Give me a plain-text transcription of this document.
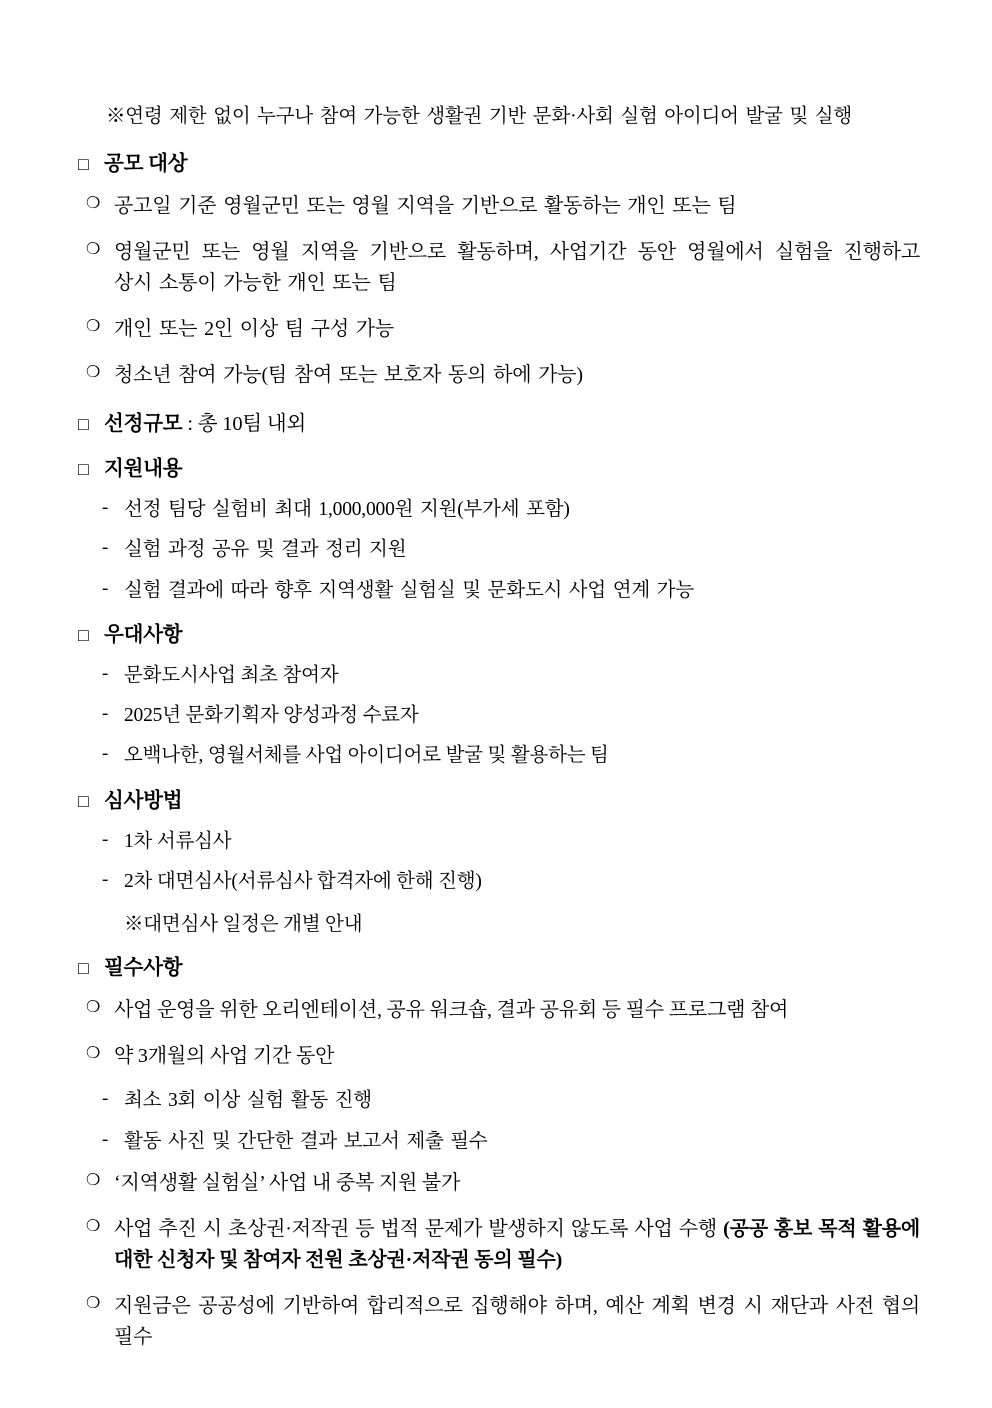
※연령 제한 없이 누구나 참여 가능한 생활권 기반 문화·사회 실험 아이디어 발굴 및 실행
□ 공모 대상
❍ 공고일 기준 영월군민 또는 영월 지역을 기반으로 활동하는 개인 또는 팀
❍ 영월군민 또는 영월 지역을 기반으로 활동하며, 사업기간 동안 영월에서 실험을 진행하고 상시 소통이 가능한 개인 또는 팀
❍ 개인 또는 2인 이상 팀 구성 가능
❍ 청소년 참여 가능(팀 참여 또는 보호자 동의 하에 가능)
□ 선정규모 : 총 10팀 내외
□ 지원내용
- 선정 팀당 실험비 최대 1,000,000원 지원(부가세 포함)
- 실험 과정 공유 및 결과 정리 지원
- 실험 결과에 따라 향후 지역생활 실험실 및 문화도시 사업 연계 가능
□ 우대사항
- 문화도시사업 최초 참여자
- 2025년 문화기획자 양성과정 수료자
- 오백나한, 영월서체를 사업 아이디어로 발굴 및 활용하는 팀
□ 심사방법
- 1차 서류심사
- 2차 대면심사(서류심사 합격자에 한해 진행)
※대면심사 일정은 개별 안내
□ 필수사항
❍ 사업 운영을 위한 오리엔테이션, 공유 워크숍, 결과 공유회 등 필수 프로그램 참여
❍ 약 3개월의 사업 기간 동안
- 최소 3회 이상 실험 활동 진행
- 활동 사진 및 간단한 결과 보고서 제출 필수
❍ ‘지역생활 실험실’ 사업 내 중복 지원 불가
❍ 사업 추진 시 초상권·저작권 등 법적 문제가 발생하지 않도록 사업 수행 (공공 홍보 목적 활용에 대한 신청자 및 참여자 전원 초상권·저작권 동의 필수)
❍ 지원금은 공공성에 기반하여 합리적으로 집행해야 하며, 예산 계획 변경 시 재단과 사전 협의 필수
